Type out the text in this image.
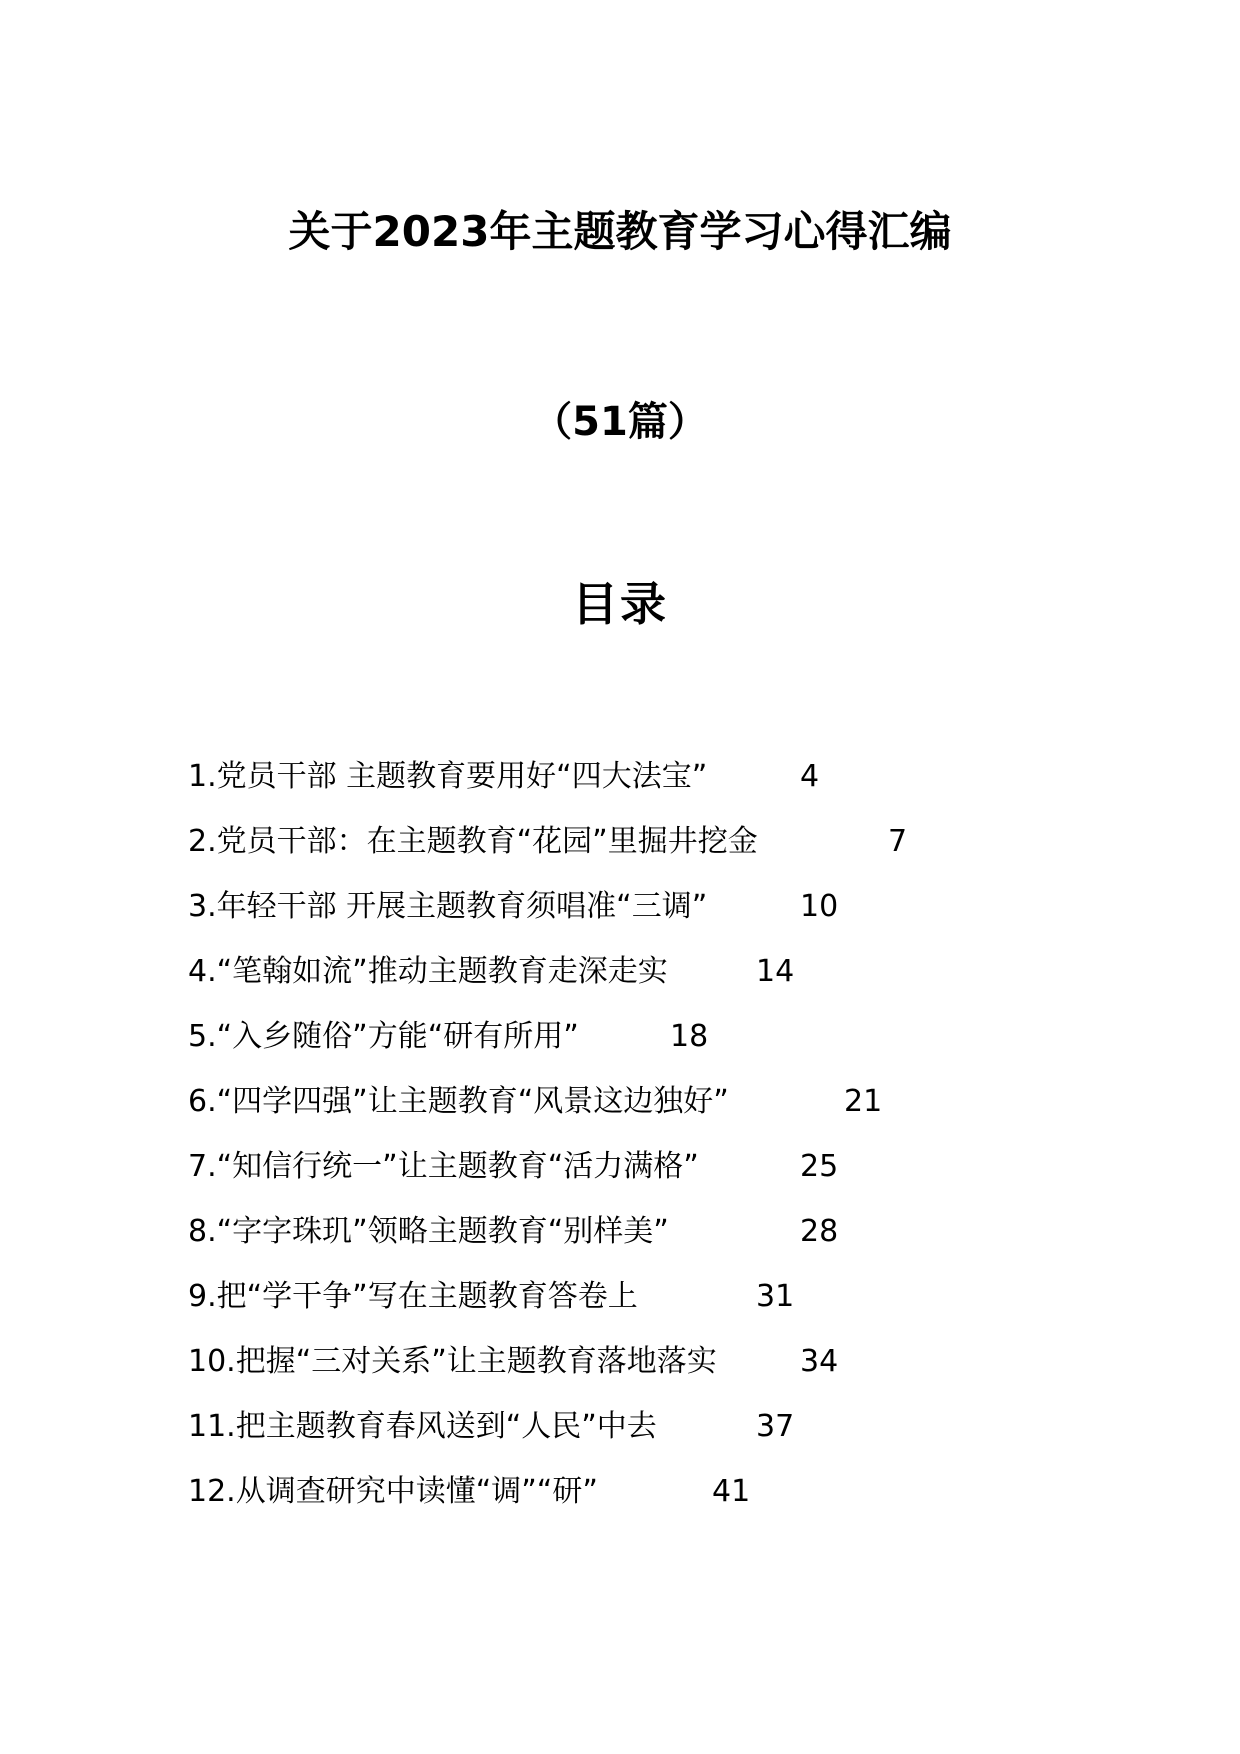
关于2023年主题教育学习心得汇编
（51篇）
目录
1.党员干部 主题教育要用好“四大法宝”	4
2.党员干部：在主题教育“花园”里掘井挖金	7
3.年轻干部 开展主题教育须唱准“三调”	10
4.“笔翰如流”推动主题教育走深走实	14
5.“入乡随俗”方能“研有所用”	18
6.“四学四强”让主题教育“风景这边独好”	21
7.“知信行统一”让主题教育“活力满格”	25
8.“字字珠玑”领略主题教育“别样美”	28
9.把“学干争”写在主题教育答卷上	31
10.把握“三对关系”让主题教育落地落实	34
11.把主题教育春风送到“人民”中去	37
12.从调查研究中读懂“调”“研”	41
